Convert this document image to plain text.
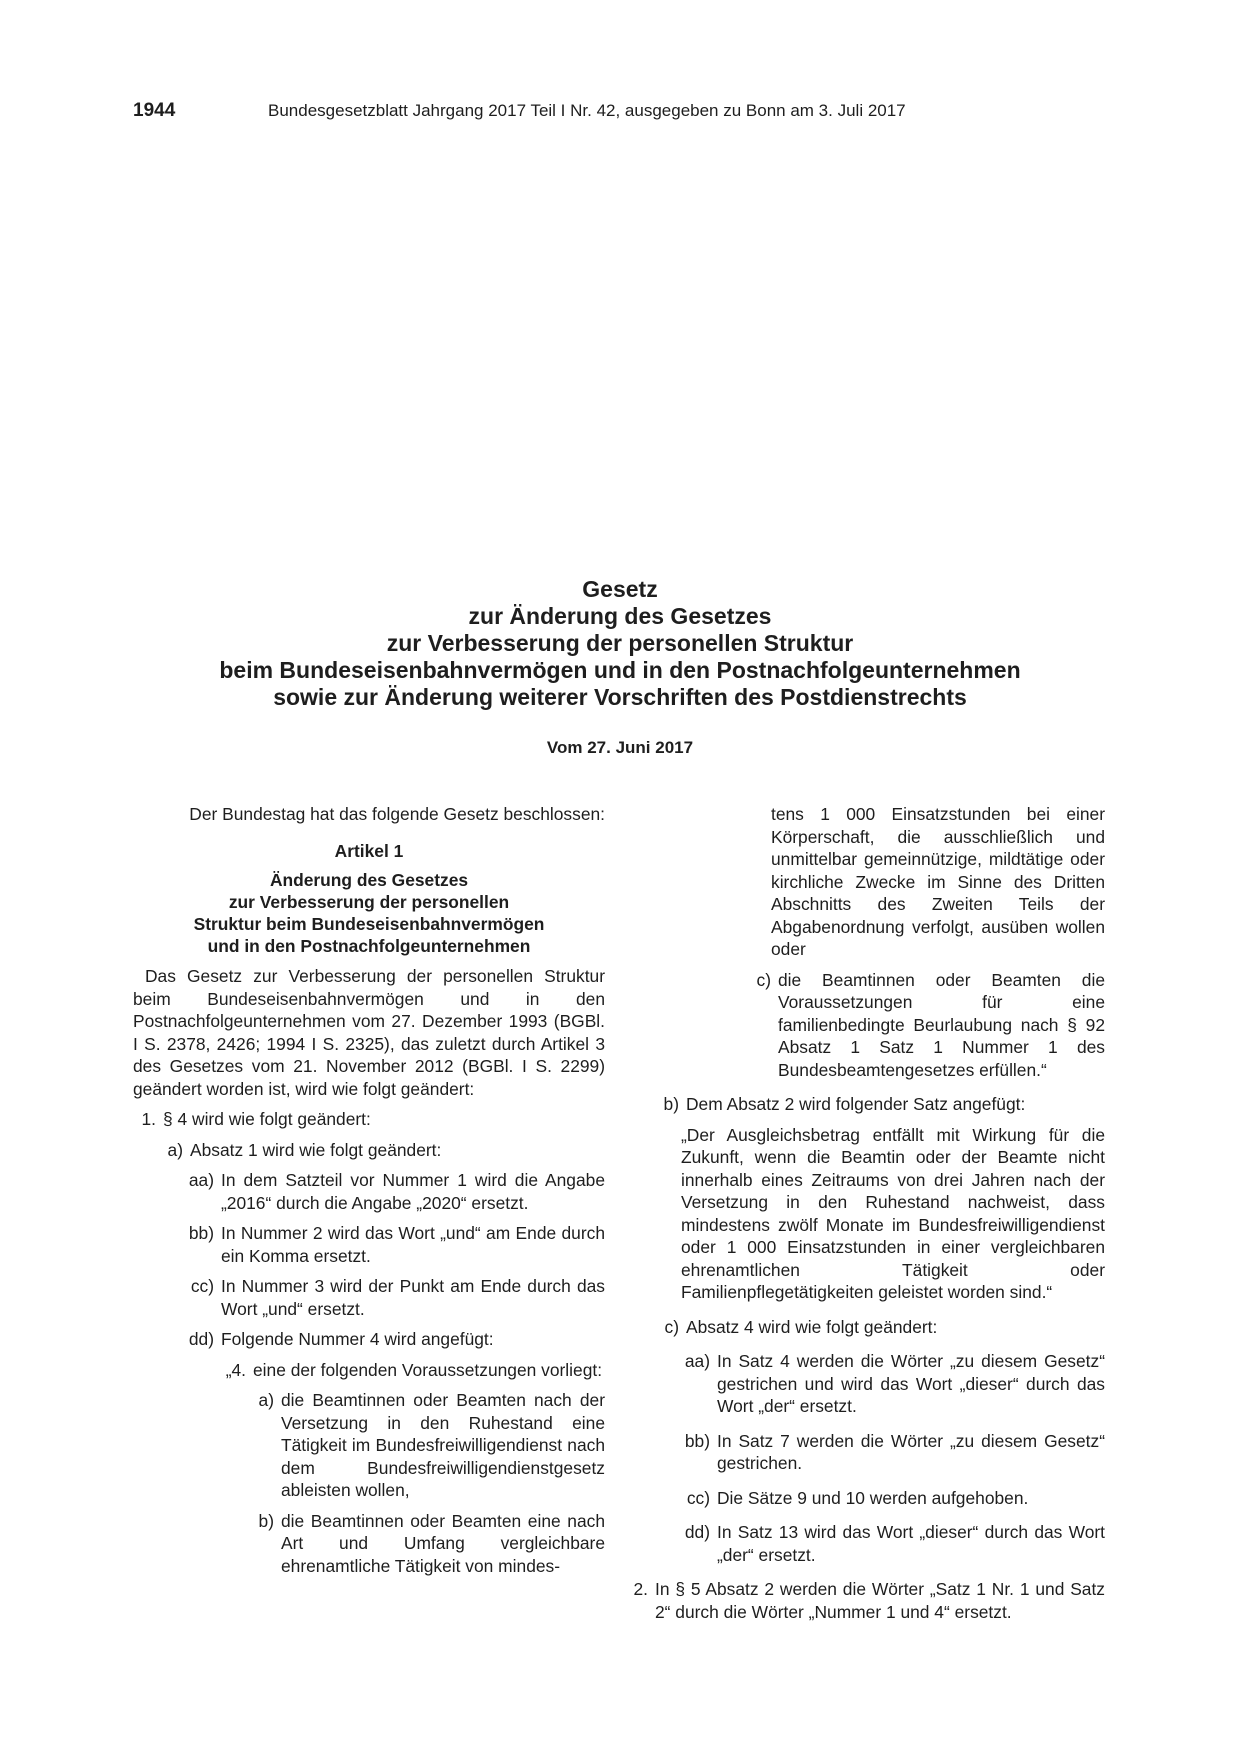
1944	Bundesgesetzblatt Jahrgang 2017 Teil I Nr. 42, ausgegeben zu Bonn am 3. Juli 2017
Gesetz
zur Änderung des Gesetzes
zur Verbesserung der personellen Struktur
beim Bundeseisenbahnvermögen und in den Postnachfolgeunternehmen
sowie zur Änderung weiterer Vorschriften des Postdienstrechts
Vom 27. Juni 2017
Der Bundestag hat das folgende Gesetz beschlossen:
Artikel 1
Änderung des Gesetzes
zur Verbesserung der personellen
Struktur beim Bundeseisenbahnvermögen
und in den Postnachfolgeunternehmen
Das Gesetz zur Verbesserung der personellen Struktur beim Bundeseisenbahnvermögen und in den Postnachfolgeunternehmen vom 27. Dezember 1993 (BGBl. I S. 2378, 2426; 1994 I S. 2325), das zuletzt durch Artikel 3 des Gesetzes vom 21. November 2012 (BGBl. I S. 2299) geändert worden ist, wird wie folgt geändert:
1. § 4 wird wie folgt geändert:
a) Absatz 1 wird wie folgt geändert:
aa) In dem Satzteil vor Nummer 1 wird die Angabe „2016“ durch die Angabe „2020“ ersetzt.
bb) In Nummer 2 wird das Wort „und“ am Ende durch ein Komma ersetzt.
cc) In Nummer 3 wird der Punkt am Ende durch das Wort „und“ ersetzt.
dd) Folgende Nummer 4 wird angefügt:
„4. eine der folgenden Voraussetzungen vorliegt:
a) die Beamtinnen oder Beamten nach der Versetzung in den Ruhestand eine Tätigkeit im Bundesfreiwilligendienst nach dem Bundesfreiwilligendienstgesetz ableisten wollen,
b) die Beamtinnen oder Beamten eine nach Art und Umfang vergleichbare ehrenamtliche Tätigkeit von mindes-
tens 1 000 Einsatzstunden bei einer Körperschaft, die ausschließlich und unmittelbar gemeinnützige, mildtätige oder kirchliche Zwecke im Sinne des Dritten Abschnitts des Zweiten Teils der Abgabenordnung verfolgt, ausüben wollen oder
c) die Beamtinnen oder Beamten die Voraussetzungen für eine familienbedingte Beurlaubung nach § 92 Absatz 1 Satz 1 Nummer 1 des Bundesbeamtengesetzes erfüllen.“
b) Dem Absatz 2 wird folgender Satz angefügt:
„Der Ausgleichsbetrag entfällt mit Wirkung für die Zukunft, wenn die Beamtin oder der Beamte nicht innerhalb eines Zeitraums von drei Jahren nach der Versetzung in den Ruhestand nachweist, dass mindestens zwölf Monate im Bundesfreiwilligendienst oder 1 000 Einsatzstunden in einer vergleichbaren ehrenamtlichen Tätigkeit oder Familienpflegetätigkeiten geleistet worden sind.“
c) Absatz 4 wird wie folgt geändert:
aa) In Satz 4 werden die Wörter „zu diesem Gesetz“ gestrichen und wird das Wort „dieser“ durch das Wort „der“ ersetzt.
bb) In Satz 7 werden die Wörter „zu diesem Gesetz“ gestrichen.
cc) Die Sätze 9 und 10 werden aufgehoben.
dd) In Satz 13 wird das Wort „dieser“ durch das Wort „der“ ersetzt.
2. In § 5 Absatz 2 werden die Wörter „Satz 1 Nr. 1 und Satz 2“ durch die Wörter „Nummer 1 und 4“ ersetzt.
